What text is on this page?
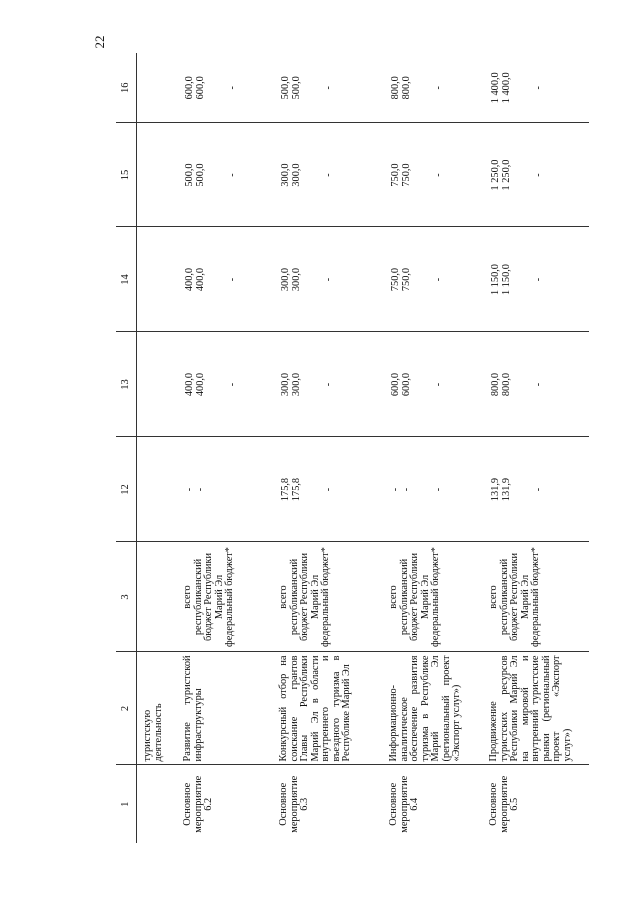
22
1	2	3	12	13	14	15	16
	туристскую деятельность						
Основное мероприятие 6.2	Развитие туристской инфраструктуры	всего республиканский бюджет Республики Марий Эл федеральный бюджет*	- -	400,0 400,0 -	400,0 400,0 -	500,0 500,0 -	600,0 600,0 -

Основное мероприятие 6.3	Конкурсный отбор на соискание грантов Главы Республики Марий Эл в области внутреннего и въездного туризма в Республике Марий Эл	всего республиканский бюджет Республики Марий Эл федеральный бюджет*	175,8 175,8 -	300,0 300,0 -	300,0 300,0 -	300,0 300,0 -	500,0 500,0 -

Основное мероприятие 6.4	Информационно-аналитическое обеспечение развития туризма в Республике Марий Эл (региональный проект «Экспорт услуг»)	всего республиканский бюджет Республики Марий Эл федеральный бюджет*	- - -	600,0 600,0 -	750,0 750,0 -	750,0 750,0 -	800,0 800,0 -

Основное мероприятие 6.5	Продвижение туристских ресурсов Республики Марий Эл на мировой и внутренний туристские рынки (региональный проект «Экспорт услуг»)	всего республиканский бюджет Республики Марий Эл федеральный бюджет*	131,9 131,9 -	800,0 800,0 -	1 150,0 1 150,0 -	1 250,0 1 250,0 -	1 400,0 1 400,0 -
